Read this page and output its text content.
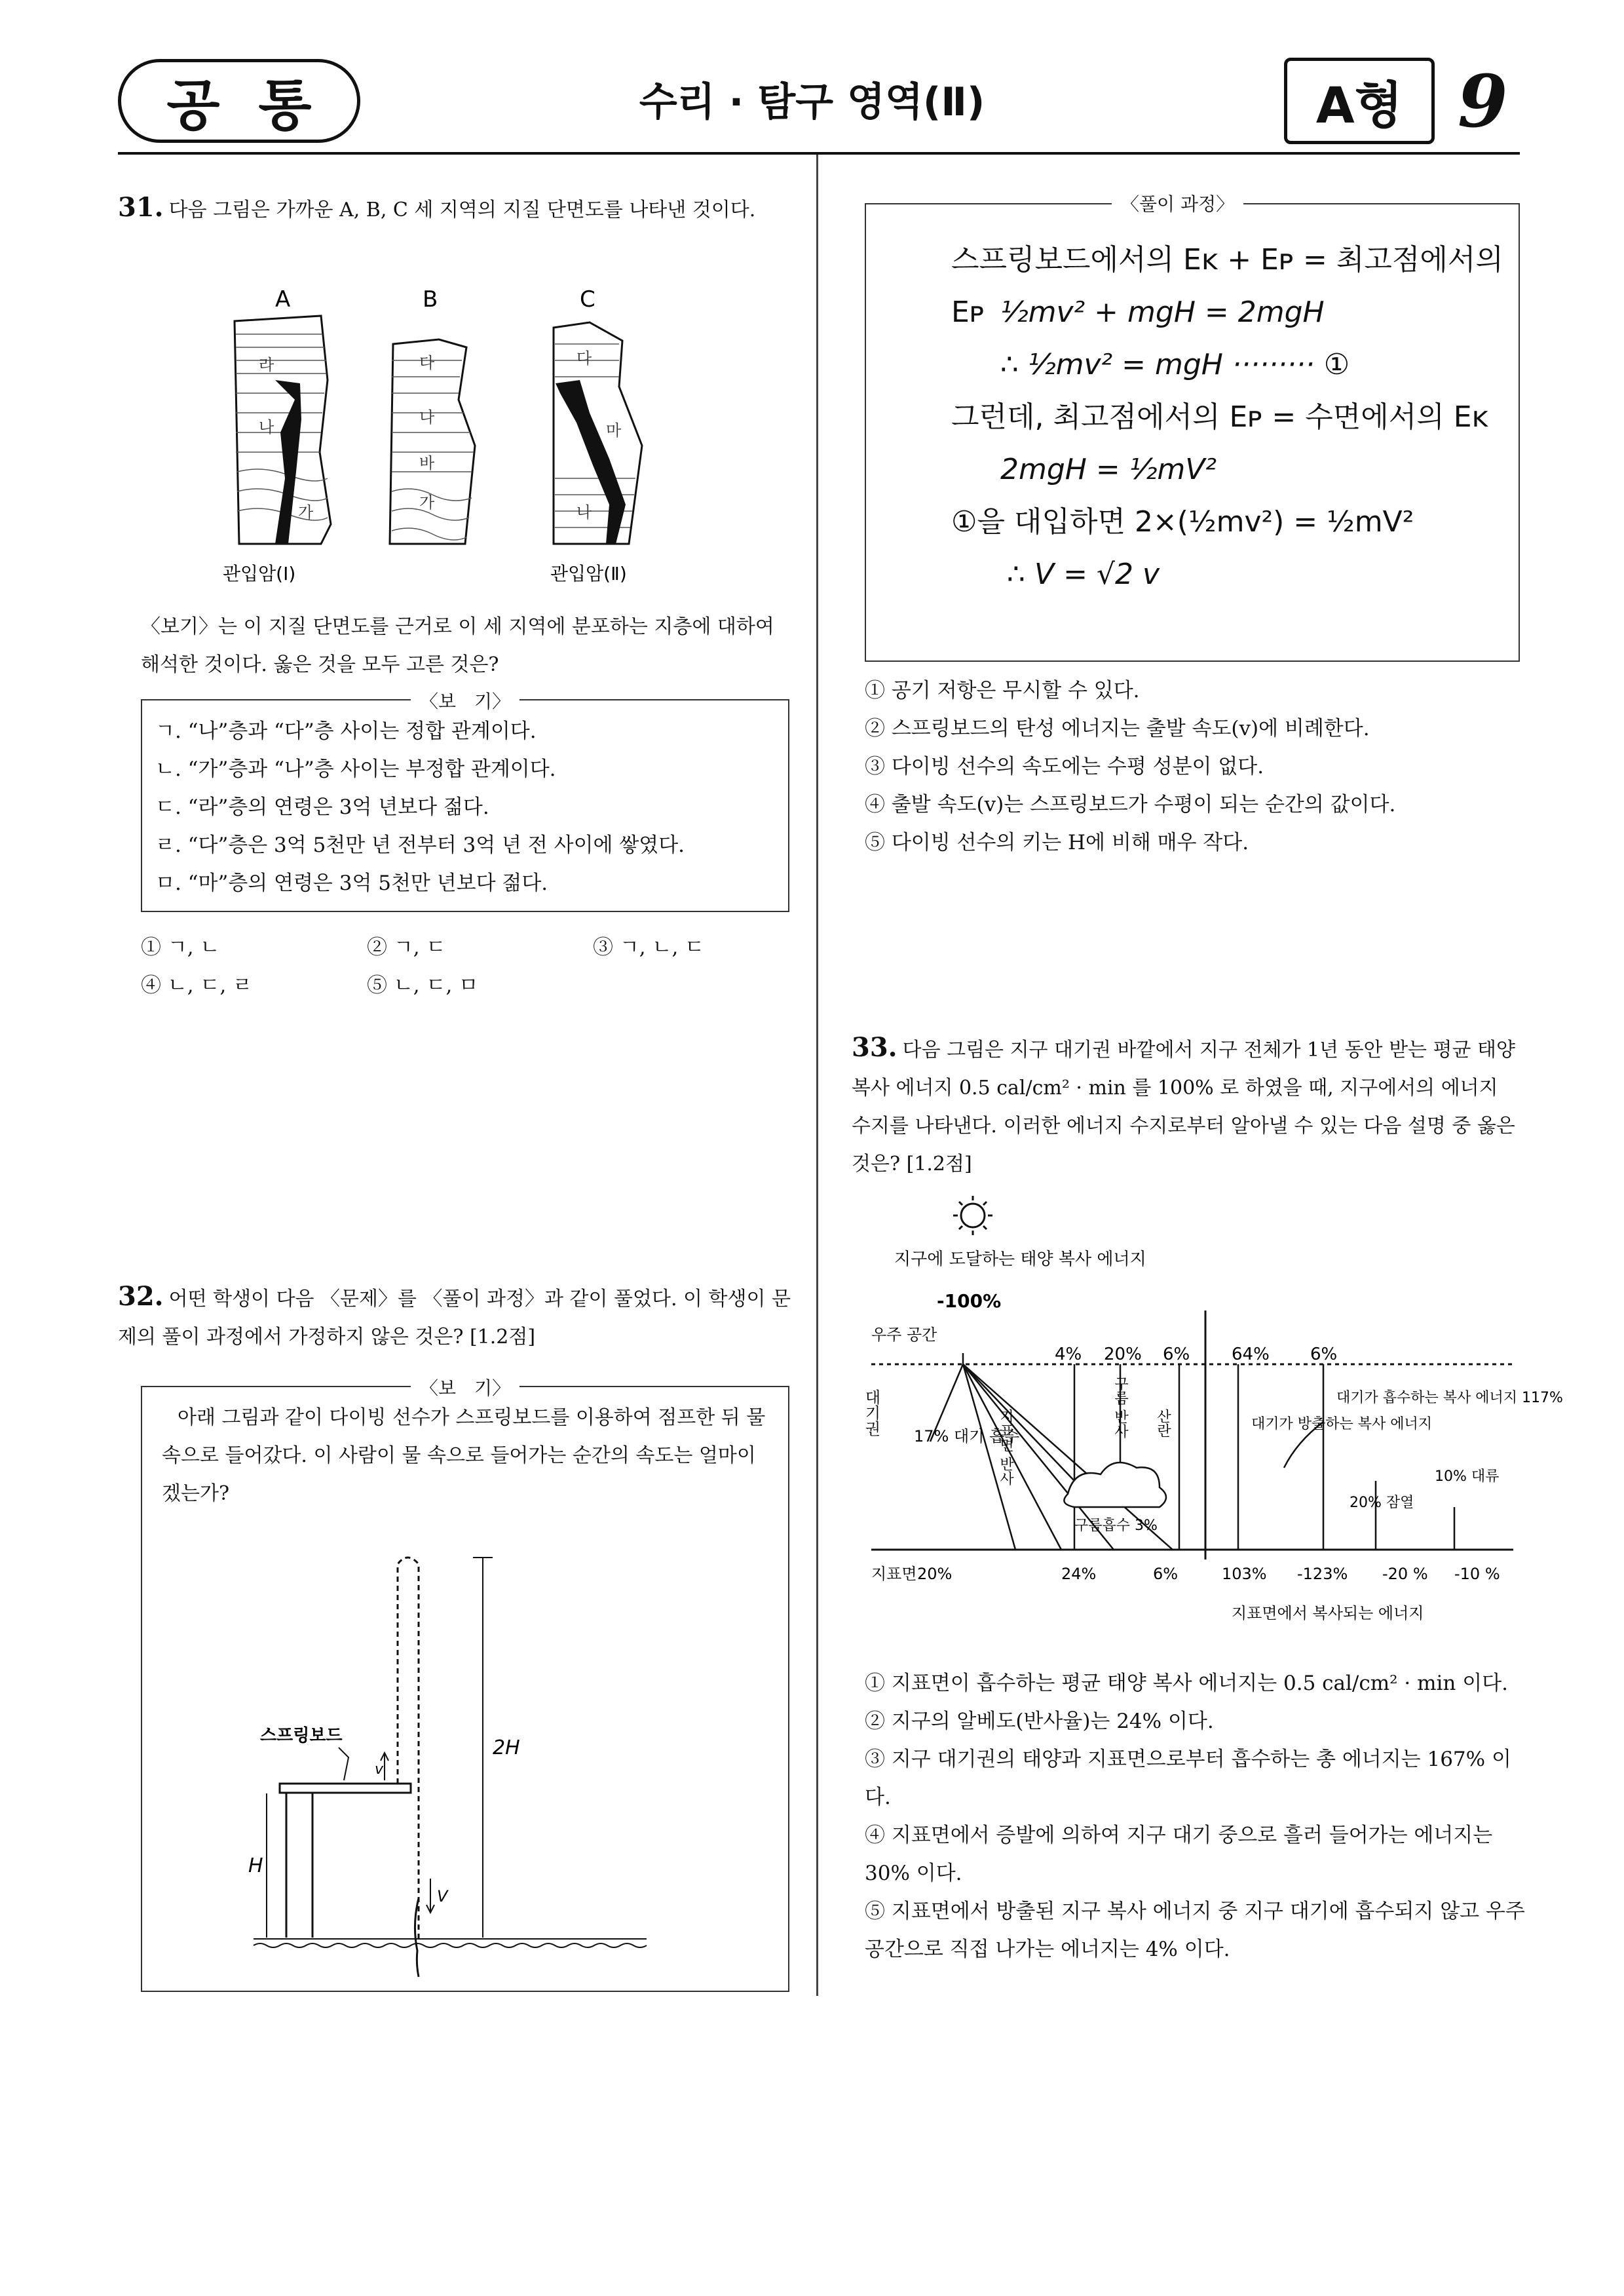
공 통	수리 · 탐구 영역(Ⅱ)	A형 9
31. 다음 그림은 가까운 A, B, C 세 지역의 지질 단면도를 나타낸 것이다.
A	B	C
라
나
가
다
나
바
가
다
마
나
관입암(Ⅰ)	관입암(Ⅱ)
〈보기〉는 이 지질 단면도를 근거로 이 세 지역에 분포하는 지층에 대하여 해석한 것이다. 옳은 것을 모두 고른 것은?
〈보　기〉
ㄱ. “나”층과 “다”층 사이는 정합 관계이다.
ㄴ. “가”층과 “나”층 사이는 부정합 관계이다.
ㄷ. “라”층의 연령은 3억 년보다 젊다.
ㄹ. “다”층은 3억 5천만 년 전부터 3억 년 전 사이에 쌓였다.
ㅁ. “마”층의 연령은 3억 5천만 년보다 젊다.
① ㄱ, ㄴ	② ㄱ, ㄷ	③ ㄱ, ㄴ, ㄷ
④ ㄴ, ㄷ, ㄹ	⑤ ㄴ, ㄷ, ㅁ
32. 어떤 학생이 다음 〈문제〉를 〈풀이 과정〉과 같이 풀었다. 이 학생이 문제의 풀이 과정에서 가정하지 않은 것은? [1.2점]
〈보　기〉
아래 그림과 같이 다이빙 선수가 스프링보드를 이용하여 점프한 뒤 물 속으로 들어갔다. 이 사람이 물 속으로 들어가는 순간의 속도는 얼마이겠는가?
스프링보드
v
V
2H
H
〈풀이 과정〉
스프링보드에서의 Eĸ + Eᴘ = 최고점에서의 Eᴘ ½mv² + mgH = 2mgH
∴ ½mv² = mgH ········· ①
그런데, 최고점에서의 Eᴘ = 수면에서의 Eĸ
2mgH = ½mV²
①을 대입하면 2×(½mv²) = ½mV²
∴ V = √2 v
① 공기 저항은 무시할 수 있다.
② 스프링보드의 탄성 에너지는 출발 속도(v)에 비례한다.
③ 다이빙 선수의 속도에는 수평 성분이 없다.
④ 출발 속도(v)는 스프링보드가 수평이 되는 순간의 값이다.
⑤ 다이빙 선수의 키는 H에 비해 매우 작다.
33. 다음 그림은 지구 대기권 바깥에서 지구 전체가 1년 동안 받는 평균 태양 복사 에너지 0.5 cal/cm² · min 를 100% 로 하였을 때, 지구에서의 에너지 수지를 나타낸다. 이러한 에너지 수지로부터 알아낼 수 있는 다음 설명 중 옳은 것은? [1.2점]
지구에 도달하는 태양 복사 에너지
-100%
우주 공간
4% 20% 6% 64% 6%
대기권 17% 대기 흡수
지표면 반사
구름 반사 산란
구름흡수 3%
대기가 방출하는 복사 에너지
대기가 흡수하는 복사 에너지 117%
20% 잠열
10% 대류
지표면 20%	24%	6%	103% -123% -20 % -10 %
지표면에서 복사되는 에너지
① 지표면이 흡수하는 평균 태양 복사 에너지는 0.5 cal/cm² · min 이다.
② 지구의 알베도(반사율)는 24% 이다.
③ 지구 대기권의 태양과 지표면으로부터 흡수하는 총 에너지는 167% 이다.
④ 지표면에서 증발에 의하여 지구 대기 중으로 흘러 들어가는 에너지는 30% 이다.
⑤ 지표면에서 방출된 지구 복사 에너지 중 지구 대기에 흡수되지 않고 우주 공간으로 직접 나가는 에너지는 4% 이다.
